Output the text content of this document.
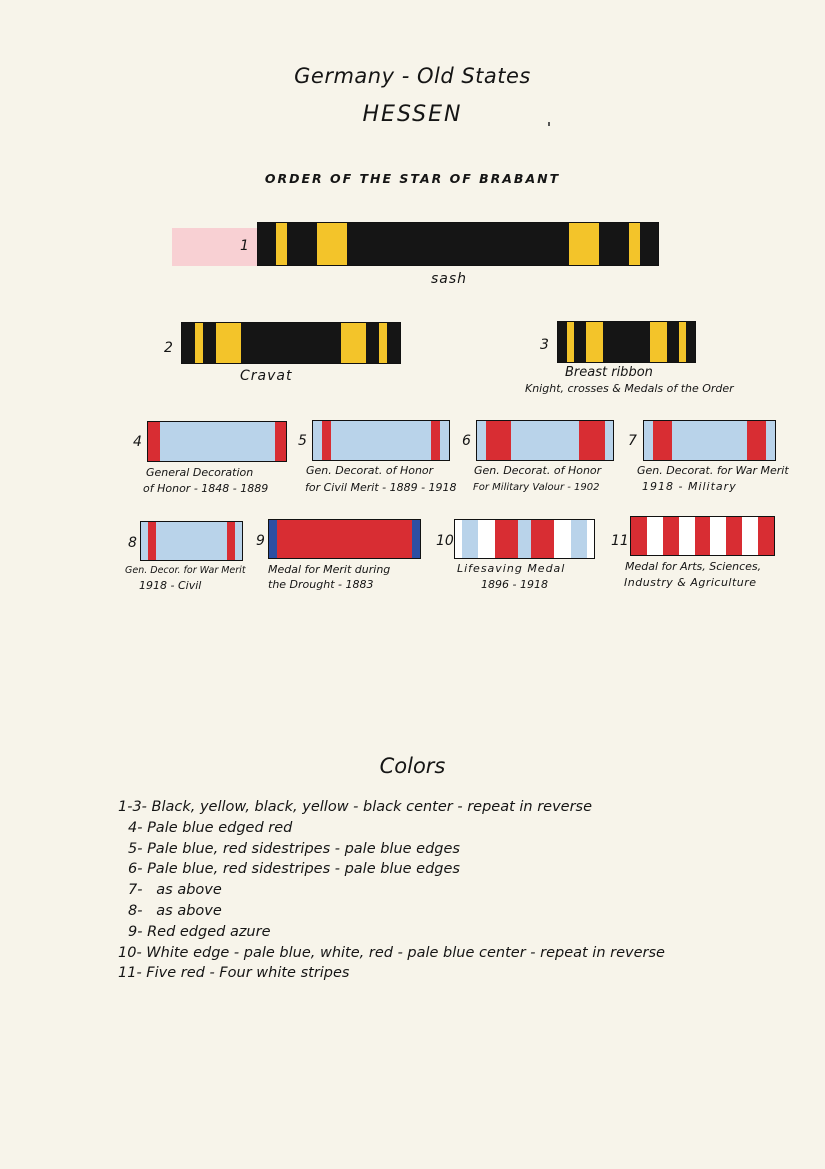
Germany - Old States
HESSEN
ORDER OF THE STAR OF BRABANT
1
sash
2
Cravat
3
Breast ribbon
Knight, crosses & Medals of the Order
4
General Decoration
of Honor - 1848 - 1889
5
Gen. Decorat. of Honor
for Civil Merit - 1889 - 1918
6
Gen. Decorat. of Honor
For Military Valour - 1902
7
Gen. Decorat. for War Merit
1918 - Military
8
Gen. Decor. for War Merit
1918 - Civil
9
Medal for Merit during
the Drought - 1883
10
Lifesaving Medal
1896 - 1918
11
Medal for Arts, Sciences,
Industry & Agriculture
Colors
1-3- Black, yellow, black, yellow - black center - repeat in reverse
4- Pale blue edged red
5- Pale blue, red sidestripes - pale blue edges
6- Pale blue, red sidestripes - pale blue edges
7-   as above
8-   as above
9- Red edged azure
10- White edge - pale blue, white, red - pale blue center - repeat in reverse
11- Five red - Four white stripes
